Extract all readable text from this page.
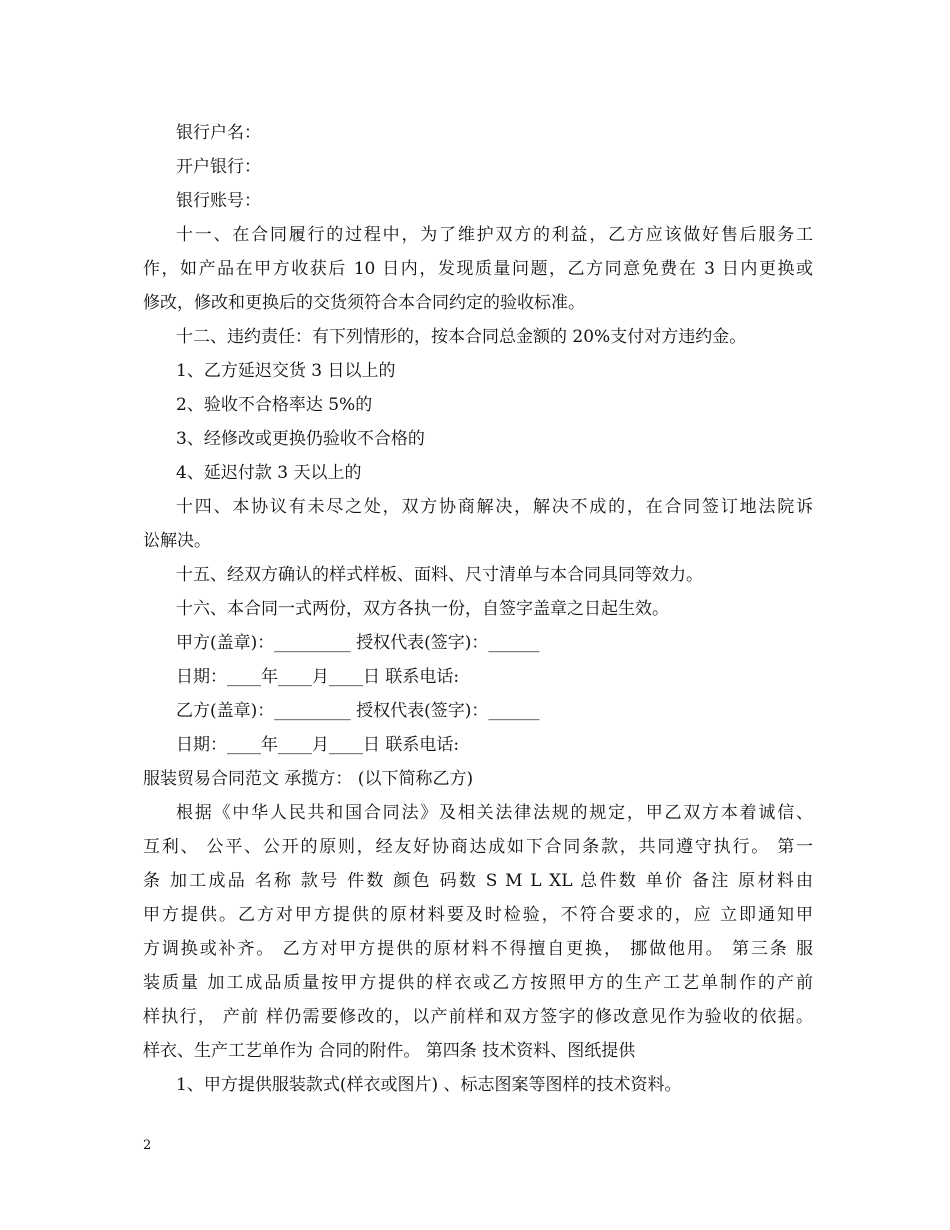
银行户名：
开户银行：
银行账号：
十一、在合同履行的过程中，为了维护双方的利益，乙方应该做好售后服务工
作，如产品在甲方收获后 10 日内，发现质量问题，乙方同意免费在 3 日内更换或
修改，修改和更换后的交货须符合本合同约定的验收标准。
十二、违约责任：有下列情形的，按本合同总金额的 20%支付对方违约金。
1、乙方延迟交货 3 日以上的
2、验收不合格率达 5%的
3、经修改或更换仍验收不合格的
4、延迟付款 3 天以上的
十四、本协议有未尽之处，双方协商解决，解决不成的，在合同签订地法院诉
讼解决。
十五、经双方确认的样式样板、面料、尺寸清单与本合同具同等效力。
十六、本合同一式两份，双方各执一份，自签字盖章之日起生效。
甲方(盖章)：_________ 授权代表(签字)：______
日期：____年____月____日 联系电话:
乙方(盖章)：_________ 授权代表(签字)：______
日期：____年____月____日 联系电话:
服装贸易合同范文 承揽方： (以下简称乙方)
根据《中华人民共和国合同法》及相关法律法规的规定，甲乙双方本着诚信、
互利、 公平、公开的原则，经友好协商达成如下合同条款，共同遵守执行。 第一
条 加工成品 名称 款号 件数 颜色 码数 S M L XL 总件数 单价 备注 原材料由
甲方提供。乙方对甲方提供的原材料要及时检验，不符合要求的，应 立即通知甲
方调换或补齐。 乙方对甲方提供的原材料不得擅自更换， 挪做他用。 第三条 服
装质量 加工成品质量按甲方提供的样衣或乙方按照甲方的生产工艺单制作的产前
样执行， 产前 样仍需要修改的，以产前样和双方签字的修改意见作为验收的依据。
样衣、生产工艺单作为 合同的附件。 第四条 技术资料、图纸提供
1、甲方提供服装款式(样衣或图片) 、标志图案等图样的技术资料。
2
